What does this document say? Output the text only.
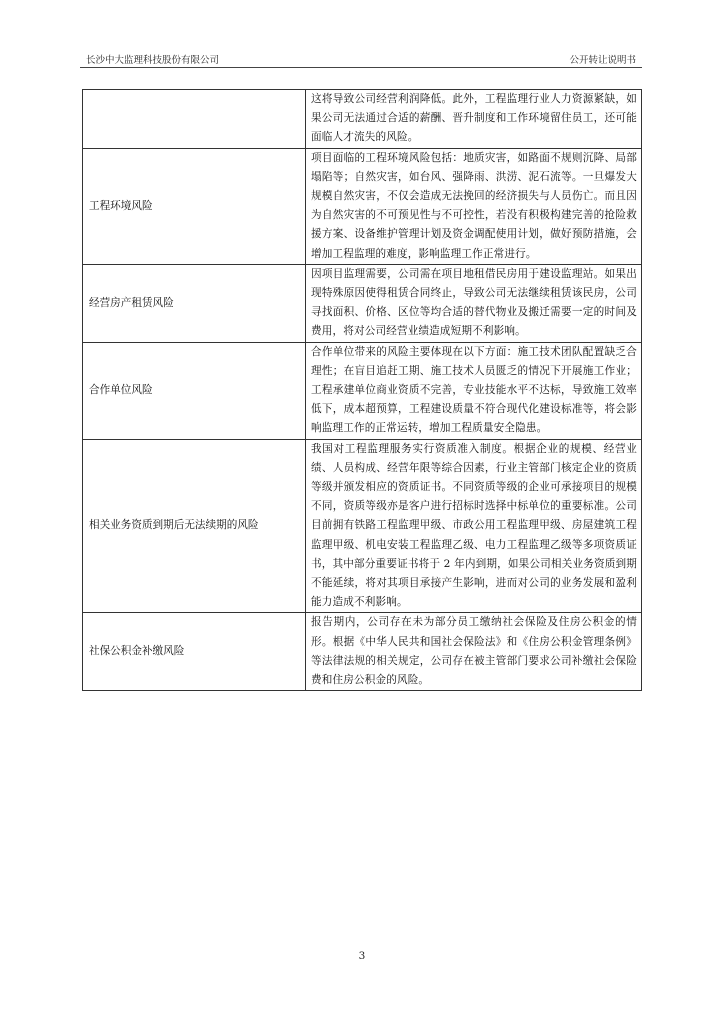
长沙中大监理科技股份有限公司	公开转让说明书
	这将导致公司经营利润降低。此外，工程监理行业人力资源紧缺，如果公司无法通过合适的薪酬、晋升制度和工作环境留住员工，还可能面临人才流失的风险。
工程环境风险	项目面临的工程环境风险包括：地质灾害，如路面不规则沉降、局部塌陷等；自然灾害，如台风、强降雨、洪涝、泥石流等。一旦爆发大规模自然灾害，不仅会造成无法挽回的经济损失与人员伤亡。而且因为自然灾害的不可预见性与不可控性，若没有积极构建完善的抢险救援方案、设备维护管理计划及资金调配使用计划，做好预防措施，会增加工程监理的难度，影响监理工作正常进行。
经营房产租赁风险	因项目监理需要，公司需在项目地租借民房用于建设监理站。如果出现特殊原因使得租赁合同终止，导致公司无法继续租赁该民房，公司寻找面积、价格、区位等均合适的替代物业及搬迁需要一定的时间及费用，将对公司经营业绩造成短期不利影响。
合作单位风险	合作单位带来的风险主要体现在以下方面：施工技术团队配置缺乏合理性；在盲目追赶工期、施工技术人员匮乏的情况下开展施工作业；工程承建单位商业资质不完善，专业技能水平不达标，导致施工效率低下，成本超预算，工程建设质量不符合现代化建设标准等，将会影响监理工作的正常运转，增加工程质量安全隐患。
相关业务资质到期后无法续期的风险	我国对工程监理服务实行资质准入制度。根据企业的规模、经营业绩、人员构成、经营年限等综合因素，行业主管部门核定企业的资质等级并颁发相应的资质证书。不同资质等级的企业可承接项目的规模不同，资质等级亦是客户进行招标时选择中标单位的重要标准。公司目前拥有铁路工程监理甲级、市政公用工程监理甲级、房屋建筑工程监理甲级、机电安装工程监理乙级、电力工程监理乙级等多项资质证书，其中部分重要证书将于 2 年内到期，如果公司相关业务资质到期不能延续，将对其项目承接产生影响，进而对公司的业务发展和盈利能力造成不利影响。
社保公积金补缴风险	报告期内，公司存在未为部分员工缴纳社会保险及住房公积金的情形。根据《中华人民共和国社会保险法》和《住房公积金管理条例》等法律法规的相关规定，公司存在被主管部门要求公司补缴社会保险费和住房公积金的风险。
3
